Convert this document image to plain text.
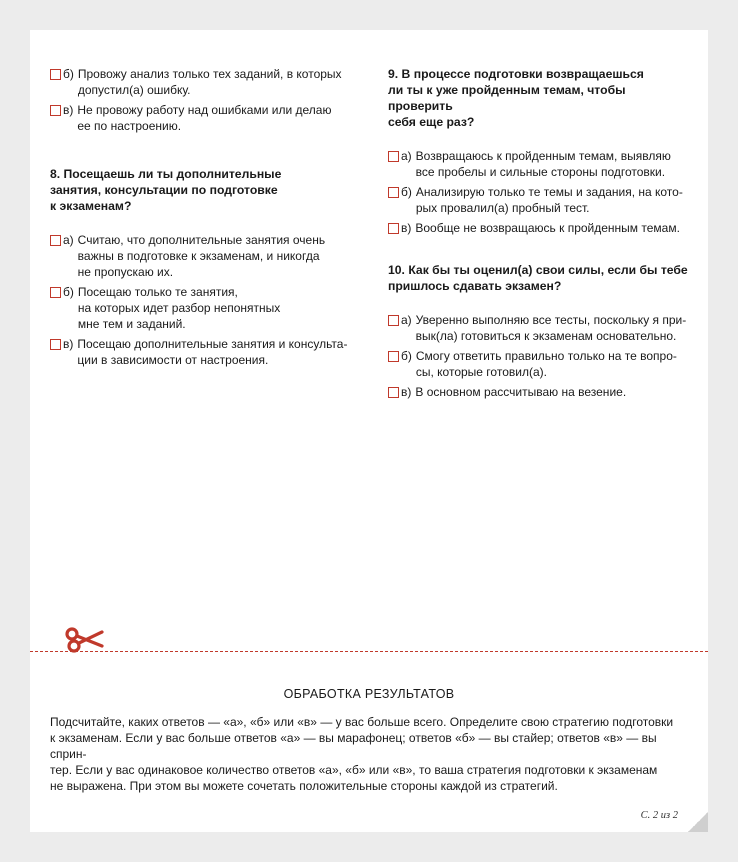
б) Провожу анализ только тех заданий, в которых
допустил(а) ошибку.
в) Не провожу работу над ошибками или делаю
ее по настроению.
8. Посещаешь ли ты дополнительные
занятия, консультации по подготовке
к экзаменам?
а) Считаю, что дополнительные занятия очень
важны в подготовке к экзаменам, и никогда
не пропускаю их.
б) Посещаю только те занятия,
на которых идет разбор непонятных
мне тем и заданий.
в) Посещаю дополнительные занятия и консульта-
ции в зависимости от настроения.
9. В процессе подготовки возвращаешься
ли ты к уже пройденным темам, чтобы проверить
себя еще раз?
а) Возвращаюсь к пройденным темам, выявляю
все пробелы и сильные стороны подготовки.
б) Анализирую только те темы и задания, на кото-
рых провалил(а) пробный тест.
в) Вообще не возвращаюсь к пройденным темам.
10. Как бы ты оценил(а) свои силы, если бы тебе
пришлось сдавать экзамен?
а) Уверенно выполняю все тесты, поскольку я при-
вык(ла) готовиться к экзаменам основательно.
б) Смогу ответить правильно только на те вопро-
сы, которые готовил(а).
в) В основном рассчитываю на везение.
ОБРАБОТКА РЕЗУЛЬТАТОВ
Подсчитайте, каких ответов — «а», «б» или «в» — у вас больше всего. Определите свою стратегию подготовки
к экзаменам. Если у вас больше ответов «а» — вы марафонец; ответов «б» — вы стайер; ответов «в» — вы сприн-
тер. Если у вас одинаковое количество ответов «а», «б» или «в», то ваша стратегия подготовки к экзаменам
не выражена. При этом вы можете сочетать положительные стороны каждой из стратегий.
С. 2 из 2
